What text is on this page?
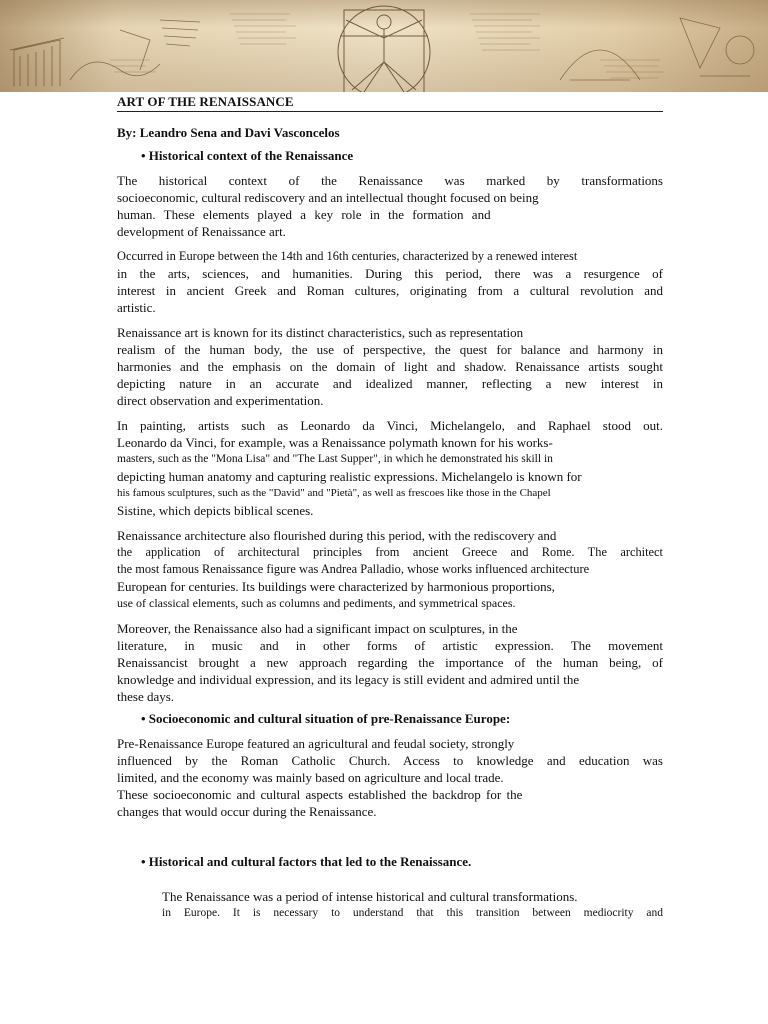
ART OF THE RENAISSANCE

By: Leandro Sena and Davi Vasconcelos

• Historical context of the Renaissance

The historical context of the Renaissance was marked by transformations
socioeconomic, cultural rediscovery and an intellectual thought focused on being
human. These elements played a key role in the formation and
development of Renaissance art.
Occurred in Europe between the 14th and 16th centuries, characterized by a renewed interest
in the arts, sciences, and humanities. During this period, there was a resurgence of
interest in ancient Greek and Roman cultures, originating from a cultural revolution and
artistic.
Renaissance art is known for its distinct characteristics, such as representation
realism of the human body, the use of perspective, the quest for balance and harmony in
harmonies and the emphasis on the domain of light and shadow. Renaissance artists sought
depicting nature in an accurate and idealized manner, reflecting a new interest in
direct observation and experimentation.
In painting, artists such as Leonardo da Vinci, Michelangelo, and Raphael stood out.
Leonardo da Vinci, for example, was a Renaissance polymath known for his works-
masters, such as the "Mona Lisa" and "The Last Supper", in which he demonstrated his skill in
depicting human anatomy and capturing realistic expressions. Michelangelo is known for
his famous sculptures, such as the "David" and "Pietà", as well as frescoes like those in the Chapel
Sistine, which depicts biblical scenes.
Renaissance architecture also flourished during this period, with the rediscovery and
the application of architectural principles from ancient Greece and Rome. The architect
the most famous Renaissance figure was Andrea Palladio, whose works influenced architecture
European for centuries. Its buildings were characterized by harmonious proportions,
use of classical elements, such as columns and pediments, and symmetrical spaces.
Moreover, the Renaissance also had a significant impact on sculptures, in the
literature, in music and in other forms of artistic expression. The movement
Renaissancist brought a new approach regarding the importance of the human being, of
knowledge and individual expression, and its legacy is still evident and admired until the
these days.

• Socioeconomic and cultural situation of pre-Renaissance Europe:

Pre-Renaissance Europe featured an agricultural and feudal society, strongly
influenced by the Roman Catholic Church. Access to knowledge and education was
limited, and the economy was mainly based on agriculture and local trade.
These socioeconomic and cultural aspects established the backdrop for the
changes that would occur during the Renaissance.

• Historical and cultural factors that led to the Renaissance.

The Renaissance was a period of intense historical and cultural transformations.
in Europe. It is necessary to understand that this transition between mediocrity and
